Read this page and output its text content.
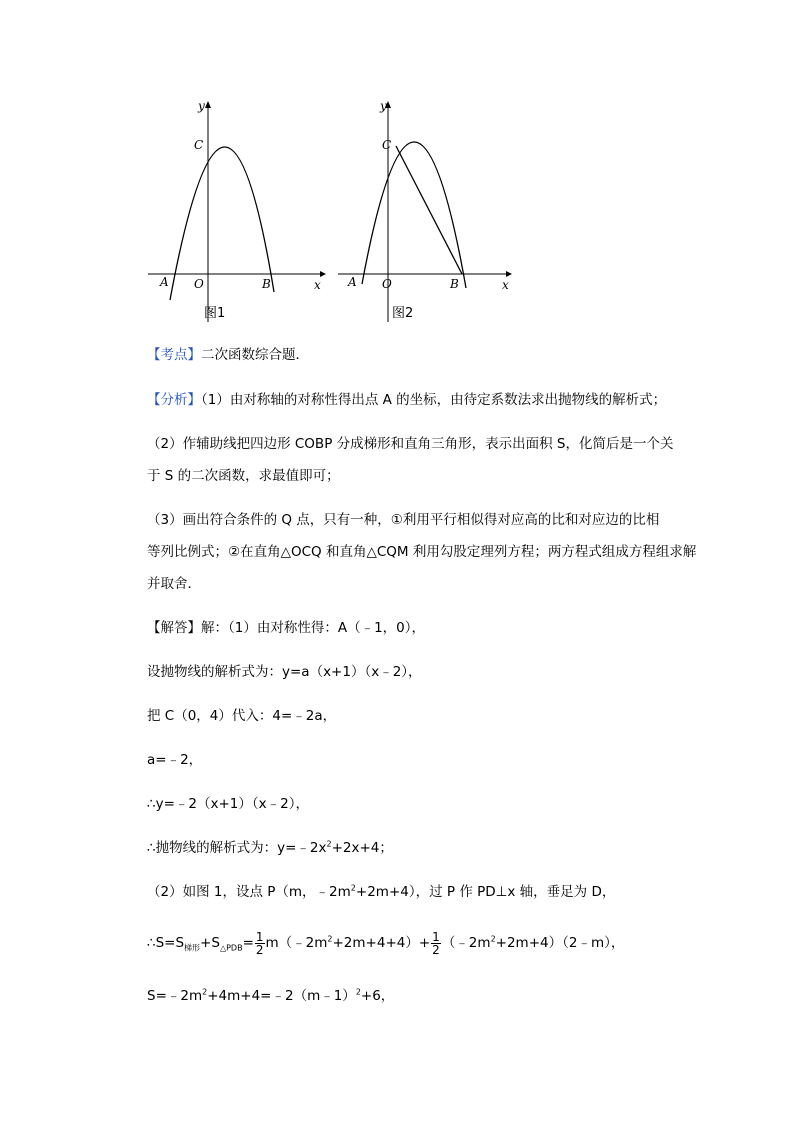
y
C
A O	B	x
图1
y
C
A O	B	x
图2
【考点】二次函数综合题．
【分析】（1）由对称轴的对称性得出点 A 的坐标，由待定系数法求出抛物线的解析式；
（2）作辅助线把四边形 COBP 分成梯形和直角三角形，表示出面积 S，化简后是一个关
于 S 的二次函数，求最值即可；
（3）画出符合条件的 Q 点，只有一种，①利用平行相似得对应高的比和对应边的比相
等列比例式；②在直角△OCQ 和直角△CQM 利用勾股定理列方程；两方程式组成方程组求解
并取舍．
【解答】解：（1）由对称性得：A（﹣1，0），
设抛物线的解析式为：y=a（x+1）（x﹣2），
把 C（0，4）代入：4=﹣2a，
a=﹣2，
∴y=﹣2（x+1）（x﹣2），
∴抛物线的解析式为：$y=﹣2x^2+2x+4$；
（2）如图 1，设点 P（m，$﹣2m^2+2m+4$），过 P 作 PD⊥x 轴，垂足为 D，
$\therefore S=S_{梯形}+S_{\triangle PDB}= \frac{1}{2}$ $m(﹣2m^2+2m+4+4)+ \frac{1}{2}$ $(﹣2m^2+2m+4)(2﹣m)$，
$S=﹣2m^2+4m+4=﹣2(m﹣1)^2+6$，
